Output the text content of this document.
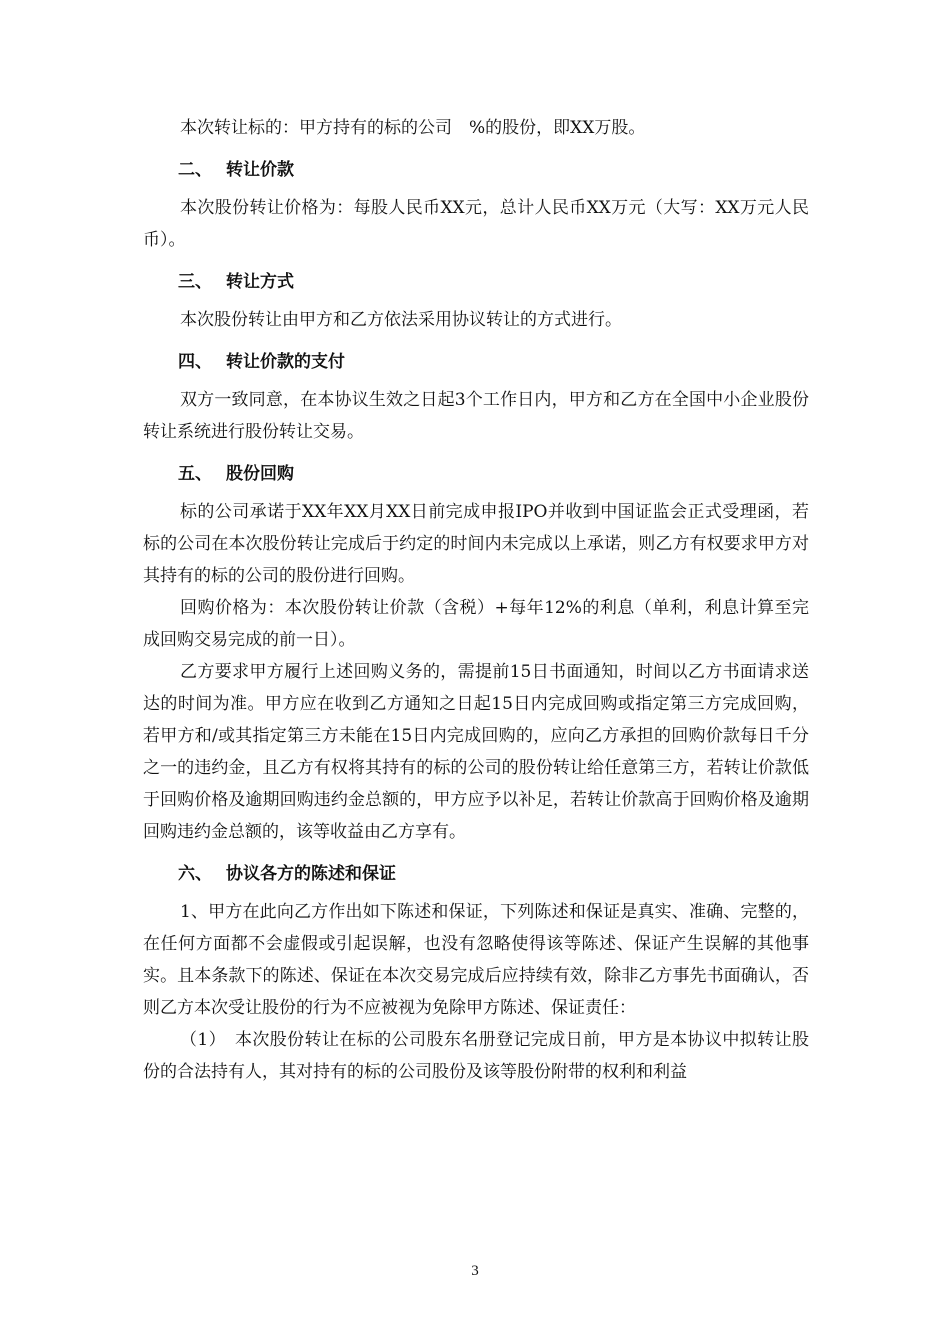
本次转让标的：甲方持有的标的公司　%的股份，即XX万股。

二、 转让价款

本次股份转让价格为：每股人民币XX元，总计人民币XX万元（大写：XX万元人民币）。

三、 转让方式

本次股份转让由甲方和乙方依法采用协议转让的方式进行。

四、 转让价款的支付

双方一致同意，在本协议生效之日起3个工作日内，甲方和乙方在全国中小企业股份转让系统进行股份转让交易。

五、 股份回购

标的公司承诺于XX年XX月XX日前完成申报IPO并收到中国证监会正式受理函，若标的公司在本次股份转让完成后于约定的时间内未完成以上承诺，则乙方有权要求甲方对其持有的标的公司的股份进行回购。

回购价格为：本次股份转让价款（含税）+每年12%的利息（单利，利息计算至完成回购交易完成的前一日）。

乙方要求甲方履行上述回购义务的，需提前15日书面通知，时间以乙方书面请求送达的时间为准。甲方应在收到乙方通知之日起15日内完成回购或指定第三方完成回购，若甲方和/或其指定第三方未能在15日内完成回购的，应向乙方承担的回购价款每日千分之一的违约金，且乙方有权将其持有的标的公司的股份转让给任意第三方，若转让价款低于回购价格及逾期回购违约金总额的，甲方应予以补足，若转让价款高于回购价格及逾期回购违约金总额的，该等收益由乙方享有。

六、 协议各方的陈述和保证

1、甲方在此向乙方作出如下陈述和保证，下列陈述和保证是真实、准确、完整的，在任何方面都不会虚假或引起误解，也没有忽略使得该等陈述、保证产生误解的其他事实。且本条款下的陈述、保证在本次交易完成后应持续有效，除非乙方事先书面确认，否则乙方本次受让股份的行为不应被视为免除甲方陈述、保证责任：

（1）　本次股份转让在标的公司股东名册登记完成日前，甲方是本协议中拟转让股份的合法持有人，其对持有的标的公司股份及该等股份附带的权利和利益

3
